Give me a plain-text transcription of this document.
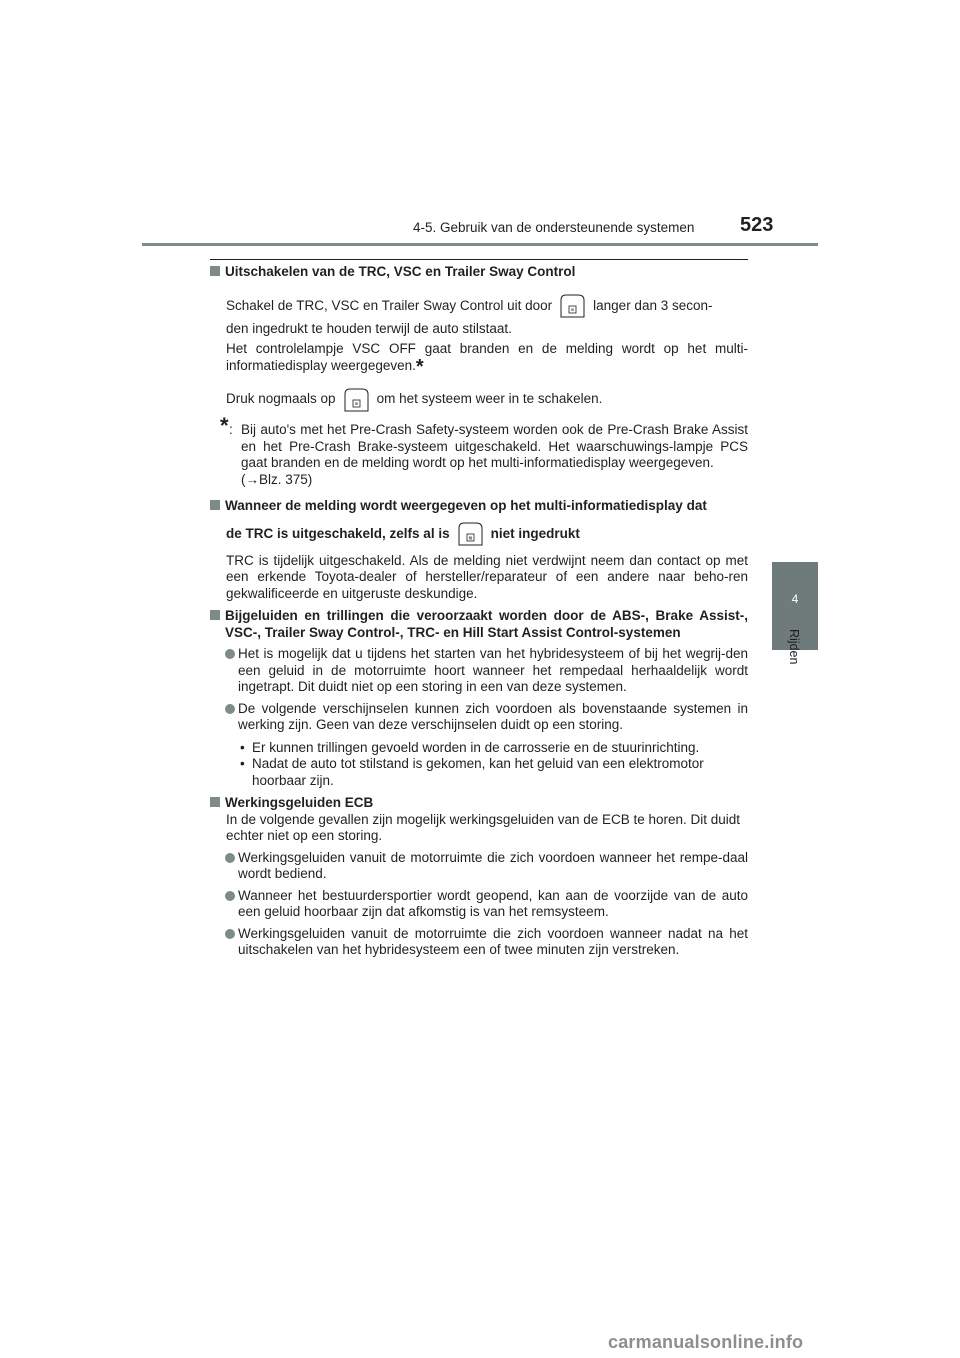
4-5. Gebruik van de ondersteunende systemen 523
4
Rijden

Uitschakelen van de TRC, VSC en Trailer Sway Control

Schakel de TRC, VSC en Trailer Sway Control uit door	≋ langer dan 3 secon-

den ingedrukt te houden terwijl de auto stilstaat.

Het controlelampje VSC OFF gaat branden en de melding wordt op het multi-informatiedisplay weergegeven.*

Druk nogmaals op	≋ om het systeem weer in te schakelen.

* : Bij auto's met het Pre-Crash Safety-systeem worden ook de Pre-Crash Brake Assist en het Pre-Crash Brake-systeem uitgeschakeld. Het waarschuwings-lampje PCS gaat branden en de melding wordt op het multi-informatiedisplay weergegeven.

(→Blz. 375)

Wanneer de melding wordt weergegeven op het multi-informatiedisplay dat

de TRC is uitgeschakeld, zelfs al is	≋ niet ingedrukt

TRC is tijdelijk uitgeschakeld. Als de melding niet verdwijnt neem dan contact op met een erkende Toyota-dealer of hersteller/reparateur of een andere naar beho-ren gekwalificeerde en uitgeruste deskundige.

Bijgeluiden en trillingen die veroorzaakt worden door de ABS-, Brake Assist-, VSC-, Trailer Sway Control-, TRC- en Hill Start Assist Control-systemen

Het is mogelijk dat u tijdens het starten van het hybridesysteem of bij het wegrij-den een geluid in de motorruimte hoort wanneer het rempedaal herhaaldelijk wordt ingetrapt. Dit duidt niet op een storing in een van deze systemen.

De volgende verschijnselen kunnen zich voordoen als bovenstaande systemen in werking zijn. Geen van deze verschijnselen duidt op een storing.

• Er kunnen trillingen gevoeld worden in de carrosserie en de stuurinrichting.

• Nadat de auto tot stilstand is gekomen, kan het geluid van een elektromotor hoorbaar zijn.

Werkingsgeluiden ECB

In de volgende gevallen zijn mogelijk werkingsgeluiden van de ECB te horen. Dit duidt echter niet op een storing.

Werkingsgeluiden vanuit de motorruimte die zich voordoen wanneer het rempe-daal wordt bediend.

Wanneer het bestuurdersportier wordt geopend, kan aan de voorzijde van de auto een geluid hoorbaar zijn dat afkomstig is van het remsysteem.

Werkingsgeluiden vanuit de motorruimte die zich voordoen wanneer nadat na het uitschakelen van het hybridesysteem een of twee minuten zijn verstreken.

carmanualsonline.info
